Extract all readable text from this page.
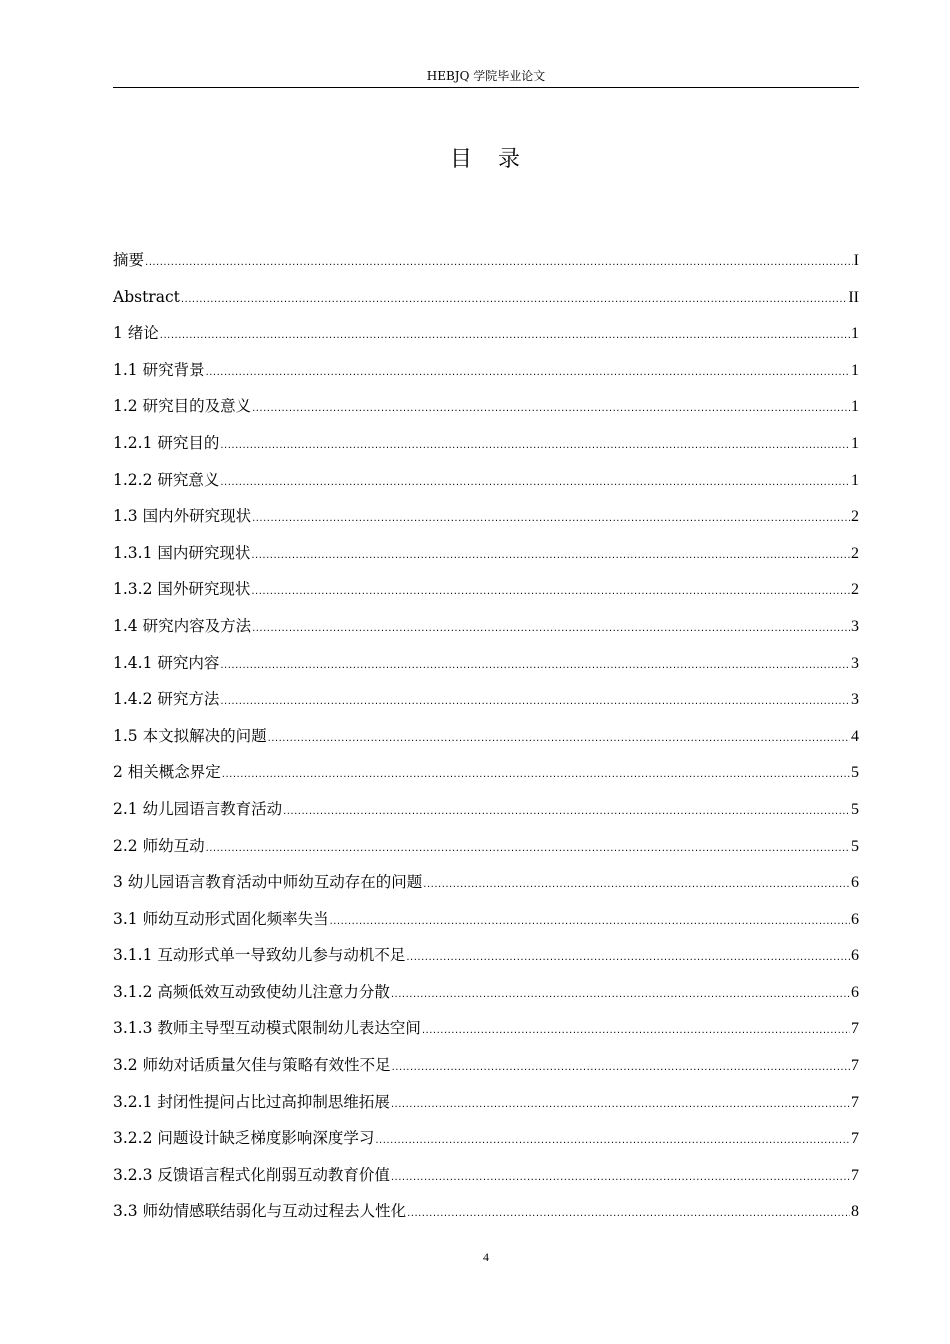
HEBJQ 学院毕业论文
目　录
摘要 .....	I
Abstract .....	II
1 绪论 .....	1
1.1 研究背景 .....	1
1.2 研究目的及意义 .....	1
1.2.1 研究目的 .....	1
1.2.2 研究意义 .....	1
1.3 国内外研究现状 .....	2
1.3.1 国内研究现状 .....	2
1.3.2 国外研究现状 .....	2
1.4 研究内容及方法 .....	3
1.4.1 研究内容 .....	3
1.4.2 研究方法 .....	3
1.5 本文拟解决的问题 .....	4
2 相关概念界定 .....	5
2.1 幼儿园语言教育活动 .....	5
2.2 师幼互动 .....	5
3 幼儿园语言教育活动中师幼互动存在的问题 .....	6
3.1 师幼互动形式固化频率失当 .....	6
3.1.1 互动形式单一导致幼儿参与动机不足 .....	6
3.1.2 高频低效互动致使幼儿注意力分散 .....	6
3.1.3 教师主导型互动模式限制幼儿表达空间 .....	7
3.2 师幼对话质量欠佳与策略有效性不足 .....	7
3.2.1 封闭性提问占比过高抑制思维拓展 .....	7
3.2.2 问题设计缺乏梯度影响深度学习 .....	7
3.2.3 反馈语言程式化削弱互动教育价值 .....	7
3.3 师幼情感联结弱化与互动过程去人性化 .....	8
4
